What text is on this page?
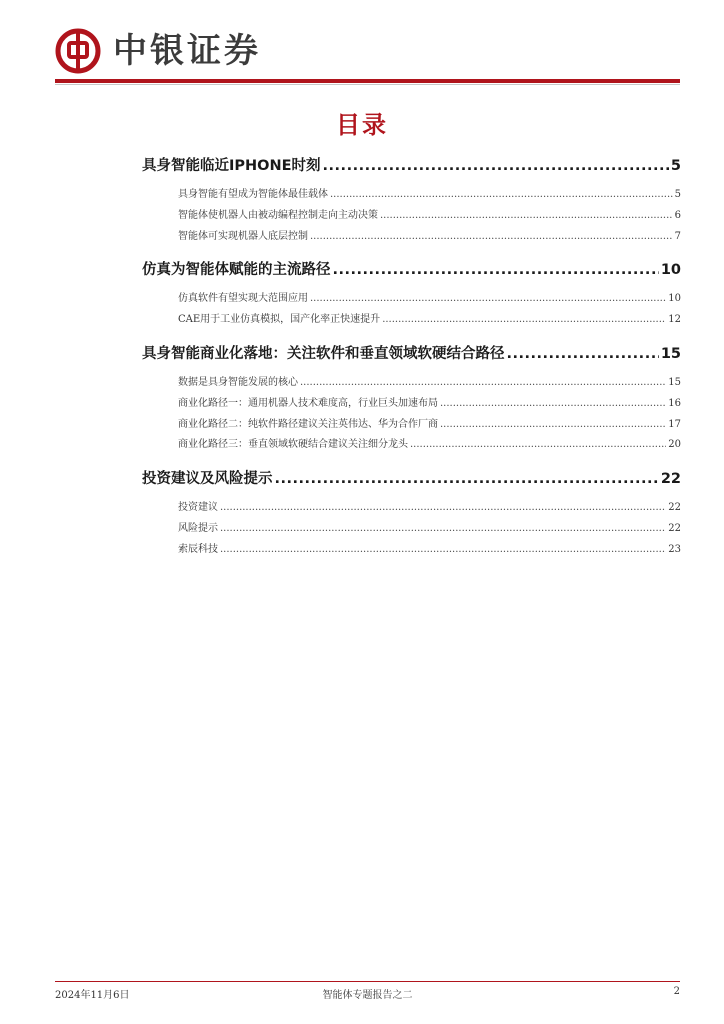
中银证券
目录
具身智能临近IPHONE时刻 .....	5
具身智能有望成为智能体最佳载体 .....	5
智能体使机器人由被动编程控制走向主动决策 .....	6
智能体可实现机器人底层控制 .....	7
仿真为智能体赋能的主流路径 .....	10
仿真软件有望实现大范围应用 .....	10
CAE用于工业仿真模拟，国产化率正快速提升 .....	12
具身智能商业化落地：关注软件和垂直领域软硬结合路径 .....	15
数据是具身智能发展的核心 .....	15
商业化路径一：通用机器人技术难度高，行业巨头加速布局 .....	16
商业化路径二：纯软件路径建议关注英伟达、华为合作厂商 .....	17
商业化路径三：垂直领域软硬结合建议关注细分龙头 .....	20
投资建议及风险提示 .....	22
投资建议 .....	22
风险提示 .....	22
索辰科技 .....	23
2024年11月6日	智能体专题报告之二	2
